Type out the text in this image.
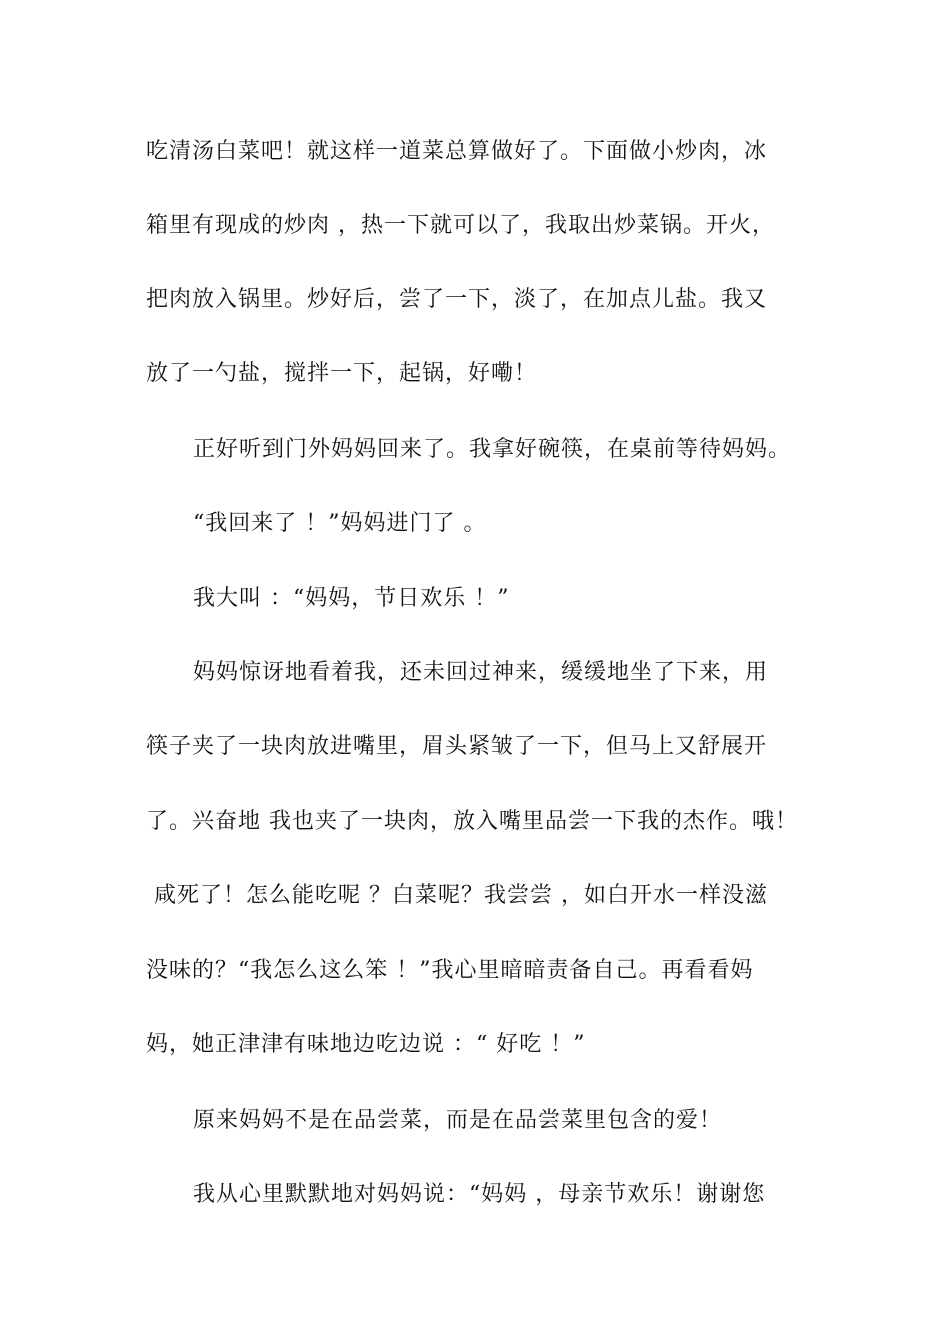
吃清汤白菜吧！就这样一道菜总算做好了。下面做小炒肉，冰
箱里有现成的炒肉 ，热一下就可以了，我取出炒菜锅。开火，
把肉放入锅里。炒好后，尝了一下，淡了，在加点儿盐。我又
放了一勺盐，搅拌一下，起锅，好嘞！
正好听到门外妈妈回来了。我拿好碗筷，在桌前等待妈妈。
“我回来了 ！”妈妈进门了 。
我大叫 ：“妈妈，节日欢乐 ！”
妈妈惊讶地看着我，还未回过神来，缓缓地坐了下来，用
筷子夹了一块肉放进嘴里，眉头紧皱了一下，但马上又舒展开
了。兴奋地 我也夹了一块肉，放入嘴里品尝一下我的杰作。哦！
咸死了！怎么能吃呢 ？白菜呢？我尝尝 ，如白开水一样没滋
没味的？“我怎么这么笨 ！”我心里暗暗责备自己。再看看妈
妈，她正津津有味地边吃边说 ：“ 好吃 ！”
原来妈妈不是在品尝菜，而是在品尝菜里包含的爱！
我从心里默默地对妈妈说：“妈妈 ，母亲节欢乐！谢谢您
